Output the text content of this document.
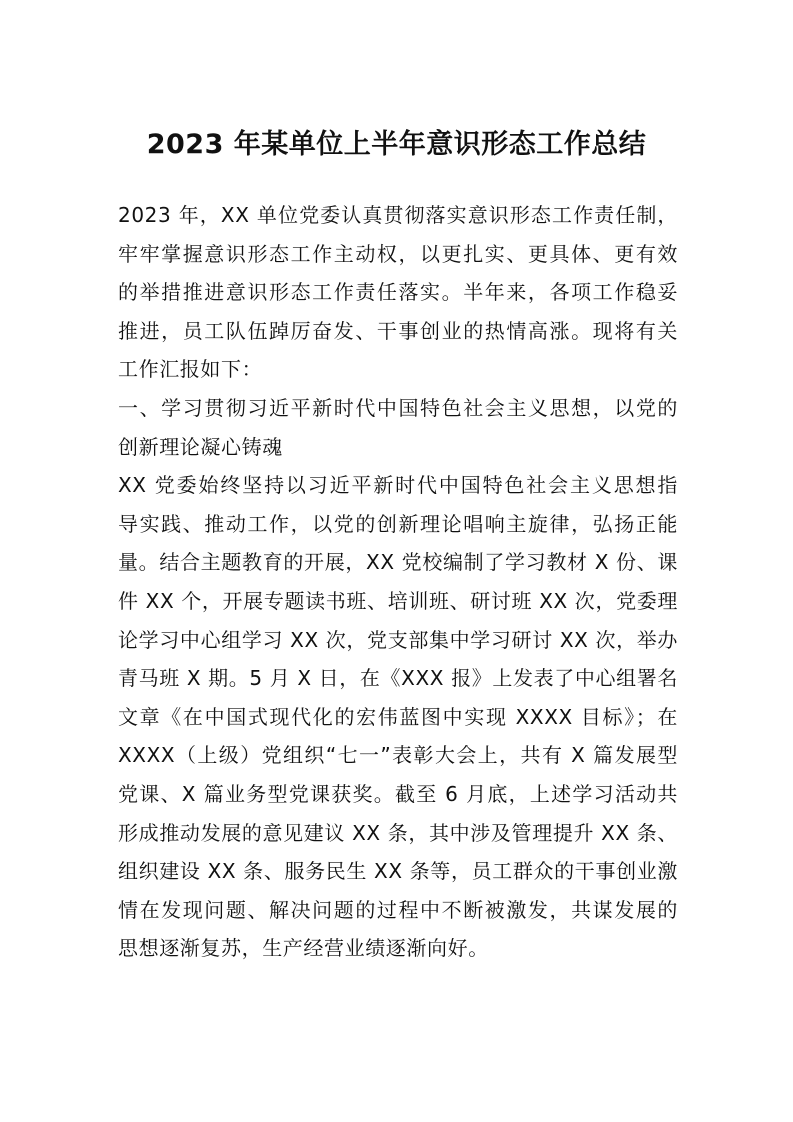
2023 年某单位上半年意识形态工作总结
2023 年，XX 单位党委认真贯彻落实意识形态工作责任制，
牢牢掌握意识形态工作主动权，以更扎实、更具体、更有效
的举措推进意识形态工作责任落实。半年来，各项工作稳妥
推进，员工队伍踔厉奋发、干事创业的热情高涨。现将有关
工作汇报如下：
一、学习贯彻习近平新时代中国特色社会主义思想，以党的
创新理论凝心铸魂
XX 党委始终坚持以习近平新时代中国特色社会主义思想指
导实践、推动工作，以党的创新理论唱响主旋律，弘扬正能
量。结合主题教育的开展，XX 党校编制了学习教材 X 份、课
件 XX 个，开展专题读书班、培训班、研讨班 XX 次，党委理
论学习中心组学习 XX 次，党支部集中学习研讨 XX 次，举办
青马班 X 期。5 月 X 日，在《XXX 报》上发表了中心组署名
文章《在中国式现代化的宏伟蓝图中实现 XXXX 目标》；在
XXXX（上级）党组织“七一”表彰大会上，共有 X 篇发展型
党课、X 篇业务型党课获奖。截至 6 月底，上述学习活动共
形成推动发展的意见建议 XX 条，其中涉及管理提升 XX 条、
组织建设 XX 条、服务民生 XX 条等，员工群众的干事创业激
情在发现问题、解决问题的过程中不断被激发，共谋发展的
思想逐渐复苏，生产经营业绩逐渐向好。
